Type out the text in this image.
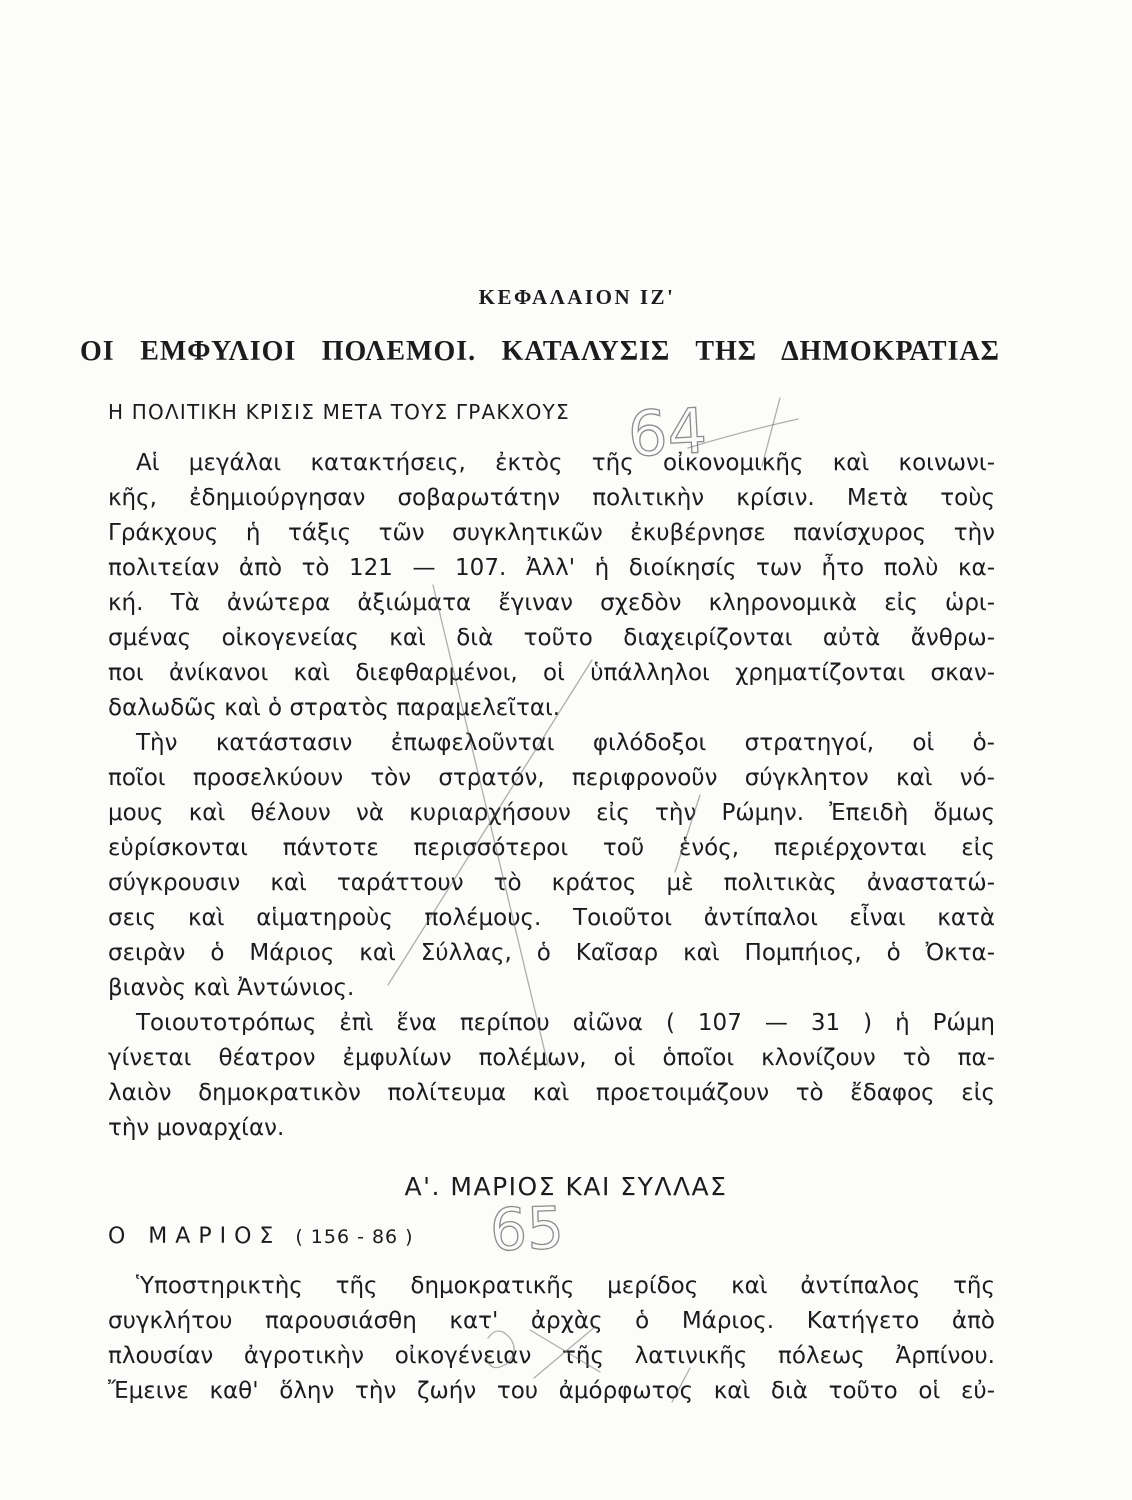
ΚΕΦΑΛΑΙΟΝ ΙΖ'
ΟΙ ΕΜΦΥΛΙΟΙ ΠΟΛΕΜΟΙ. ΚΑΤΑΛΥΣΙΣ ΤΗΣ ΔΗΜΟΚΡΑΤΙΑΣ
Η ΠΟΛΙΤΙΚΗ ΚΡΙΣΙΣ ΜΕΤΑ ΤΟΥΣ ΓΡΑΚΧΟΥΣ
Αἱ μεγάλαι κατακτήσεις, ἐκτὸς τῆς οἰκονομικῆς καὶ κοινωνι-
κῆς, ἐδημιούργησαν σοβαρωτάτην πολιτικὴν κρίσιν. Μετὰ τοὺς
Γράκχους ἡ τάξις τῶν συγκλητικῶν ἐκυβέρνησε πανίσχυρος τὴν
πολιτείαν ἀπὸ τὸ 121 — 107. Ἀλλ' ἡ διοίκησίς των ἦτο πολὺ κα-
κή. Τὰ ἀνώτερα ἀξιώματα ἔγιναν σχεδὸν κληρονομικὰ εἰς ὡρι-
σμένας οἰκογενείας καὶ διὰ τοῦτο διαχειρίζονται αὐτὰ ἄνθρω-
ποι ἀνίκανοι καὶ διεφθαρμένοι, οἱ ὑπάλληλοι χρηματίζονται σκαν-
δαλωδῶς καὶ ὁ στρατὸς παραμελεῖται.
Τὴν κατάστασιν ἐπωφελοῦνται φιλόδοξοι στρατηγοί, οἱ ὁ-
ποῖοι προσελκύουν τὸν στρατόν, περιφρονοῦν σύγκλητον καὶ νό-
μους καὶ θέλουν νὰ κυριαρχήσουν εἰς τὴν Ρώμην. Ἐπειδὴ ὅμως
εὑρίσκονται πάντοτε περισσότεροι τοῦ ἑνός, περιέρχονται εἰς
σύγκρουσιν καὶ ταράττουν τὸ κράτος μὲ πολιτικὰς ἀναστατώ-
σεις καὶ αἱματηροὺς πολέμους. Τοιοῦτοι ἀντίπαλοι εἶναι κατὰ
σειρὰν ὁ Μάριος καὶ Σύλλας, ὁ Καῖσαρ καὶ Πομπήιος, ὁ Ὀκτα-
βιανὸς καὶ Ἀντώνιος.
Τοιουτοτρόπως ἐπὶ ἕνα περίπου αἰῶνα ( 107 — 31 ) ἡ Ρώμη
γίνεται θέατρον ἐμφυλίων πολέμων, οἱ ὁποῖοι κλονίζουν τὸ πα-
λαιὸν δημοκρατικὸν πολίτευμα καὶ προετοιμάζουν τὸ ἔδαφος εἰς
τὴν μοναρχίαν.
Α'. ΜΑΡΙΟΣ ΚΑΙ ΣΥΛΛΑΣ
Ο ΜΑΡΙΟΣ ( 156 - 86 )
Ὑποστηρικτὴς τῆς δημοκρατικῆς μερίδος καὶ ἀντίπαλος τῆς
συγκλήτου παρουσιάσθη κατ' ἀρχὰς ὁ Μάριος. Κατήγετο ἀπὸ
πλουσίαν ἀγροτικὴν οἰκογένειαν τῆς λατινικῆς πόλεως Ἀρπίνου.
Ἔμεινε καθ' ὅλην τὴν ζωήν του ἀμόρφωτος καὶ διὰ τοῦτο οἱ εὐ-
64
65
